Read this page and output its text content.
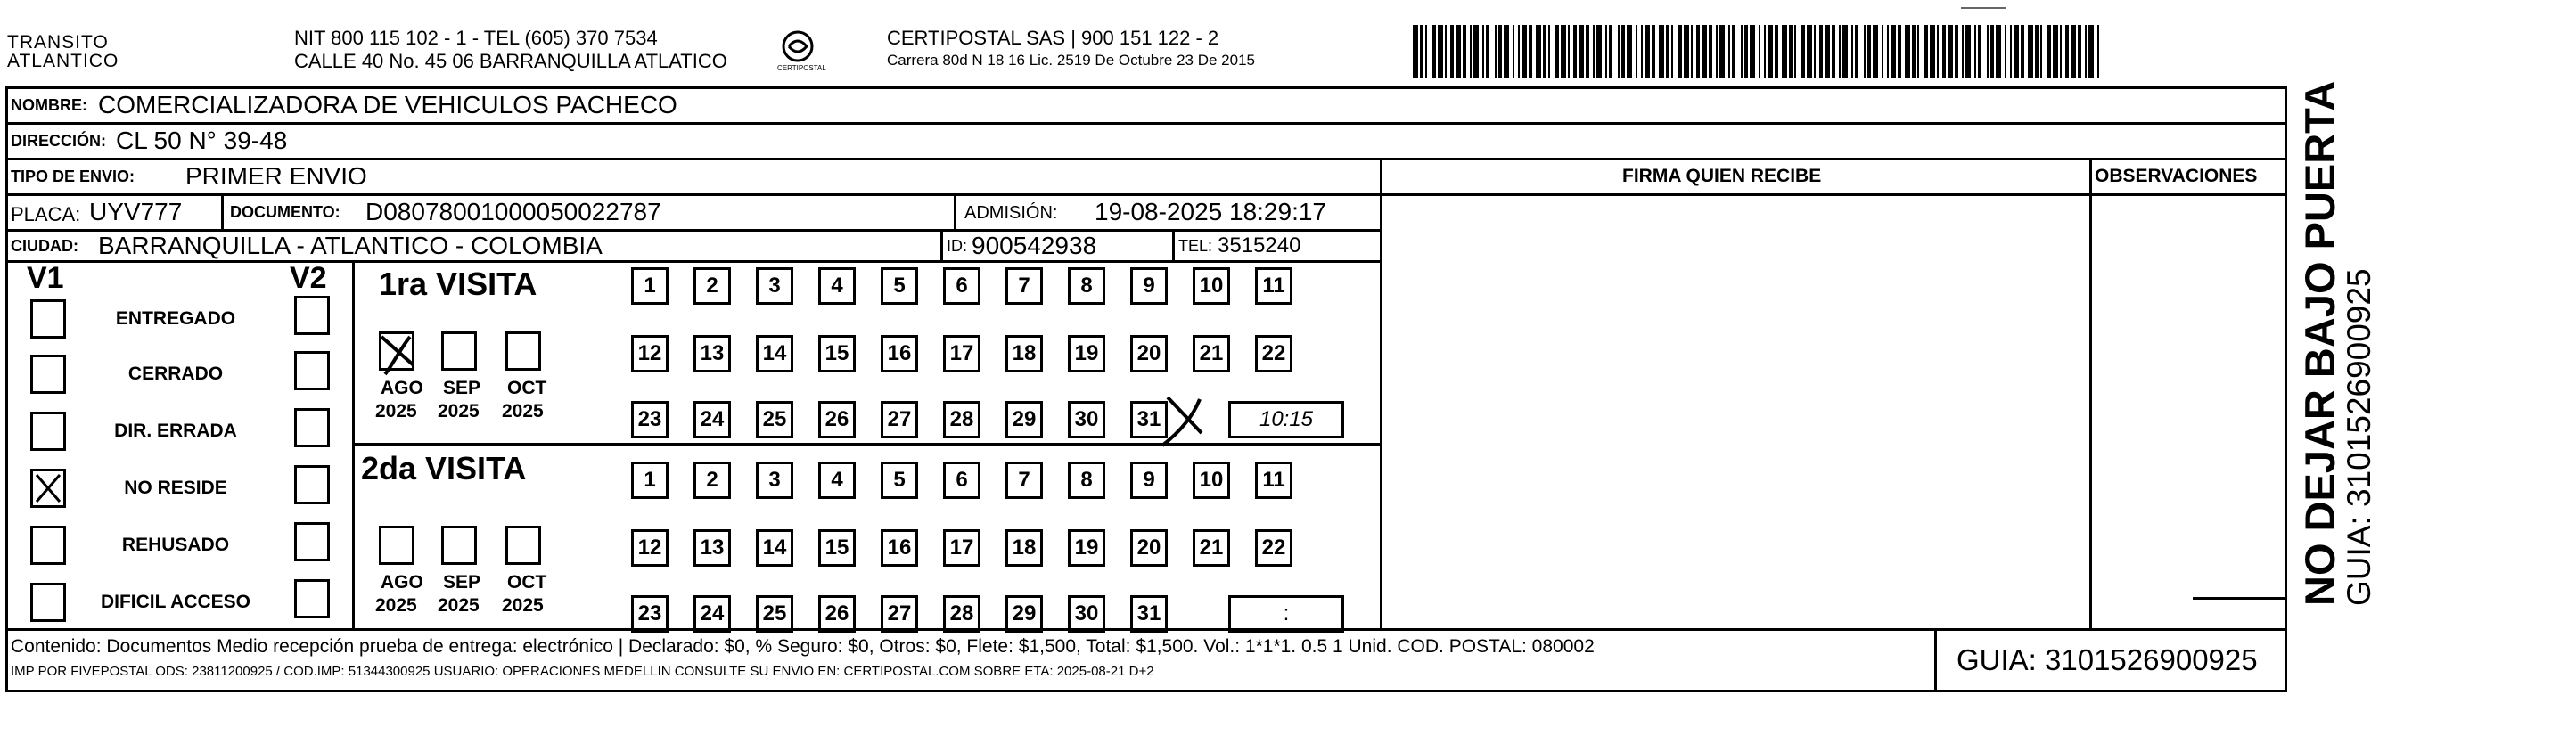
TRANSITO
ATLANTICO
NIT 800 115 102 - 1 - TEL (605) 370 7534
CALLE 40 No. 45 06 BARRANQUILLA ATLATICO	CERTIPOSTAL
CERTIPOSTAL SAS | 900 151 122 - 2
Carrera 80d N 18 16 Lic. 2519 De Octubre 23 De 2015
NOMBRE: COMERCIALIZADORA DE VEHICULOS PACHECO
DIRECCIÓN: CL 50 N° 39-48
TIPO DE ENVIO: PRIMER ENVIO	FIRMA QUIEN RECIBE	OBSERVACIONES
PLACA: UYV777	DOCUMENTO: D08078001000050022787	ADMISIÓN: 19-08-2025 18:29:17
CIUDAD: BARRANQUILLA - ATLANTICO - COLOMBIA	ID: 900542938	TEL: 3515240
V1	V2
ENTREGADO
CERRADO
DIR. ERRADA
NO RESIDE
REHUSADO
DIFICIL ACCESO
1ra VISITA
2da VISITA
AGO
2025
SEP
2025
OCT
2025
1	2	3	4	5	6	7	8	9	10	11
12	13	14	15	16	17	18	19	20	21	22
23	24	25	26	27	28	29	30	31	10:15
AGO
2025
SEP
2025
OCT
2025
1	2	3	4	5	6	7	8	9	10	11
12	13	14	15	16	17	18	19	20	21	22
23	24	25	26	27	28	29	30	31	:
Contenido: Documentos Medio recepción prueba de entrega: electrónico | Declarado: $0, % Seguro: $0, Otros: $0, Flete: $1,500, Total: $1,500. Vol.: 1*1*1. 0.5 1 Unid. COD. POSTAL: 080002
IMP POR FIVEPOSTAL ODS: 23811200925 / COD.IMP: 51344300925 USUARIO: OPERACIONES MEDELLIN CONSULTE SU ENVIO EN: CERTIPOSTAL.COM SOBRE ETA: 2025-08-21 D+2	GUIA: 3101526900925
NO DEJAR BAJO PUERTA
GUIA: 3101526900925
